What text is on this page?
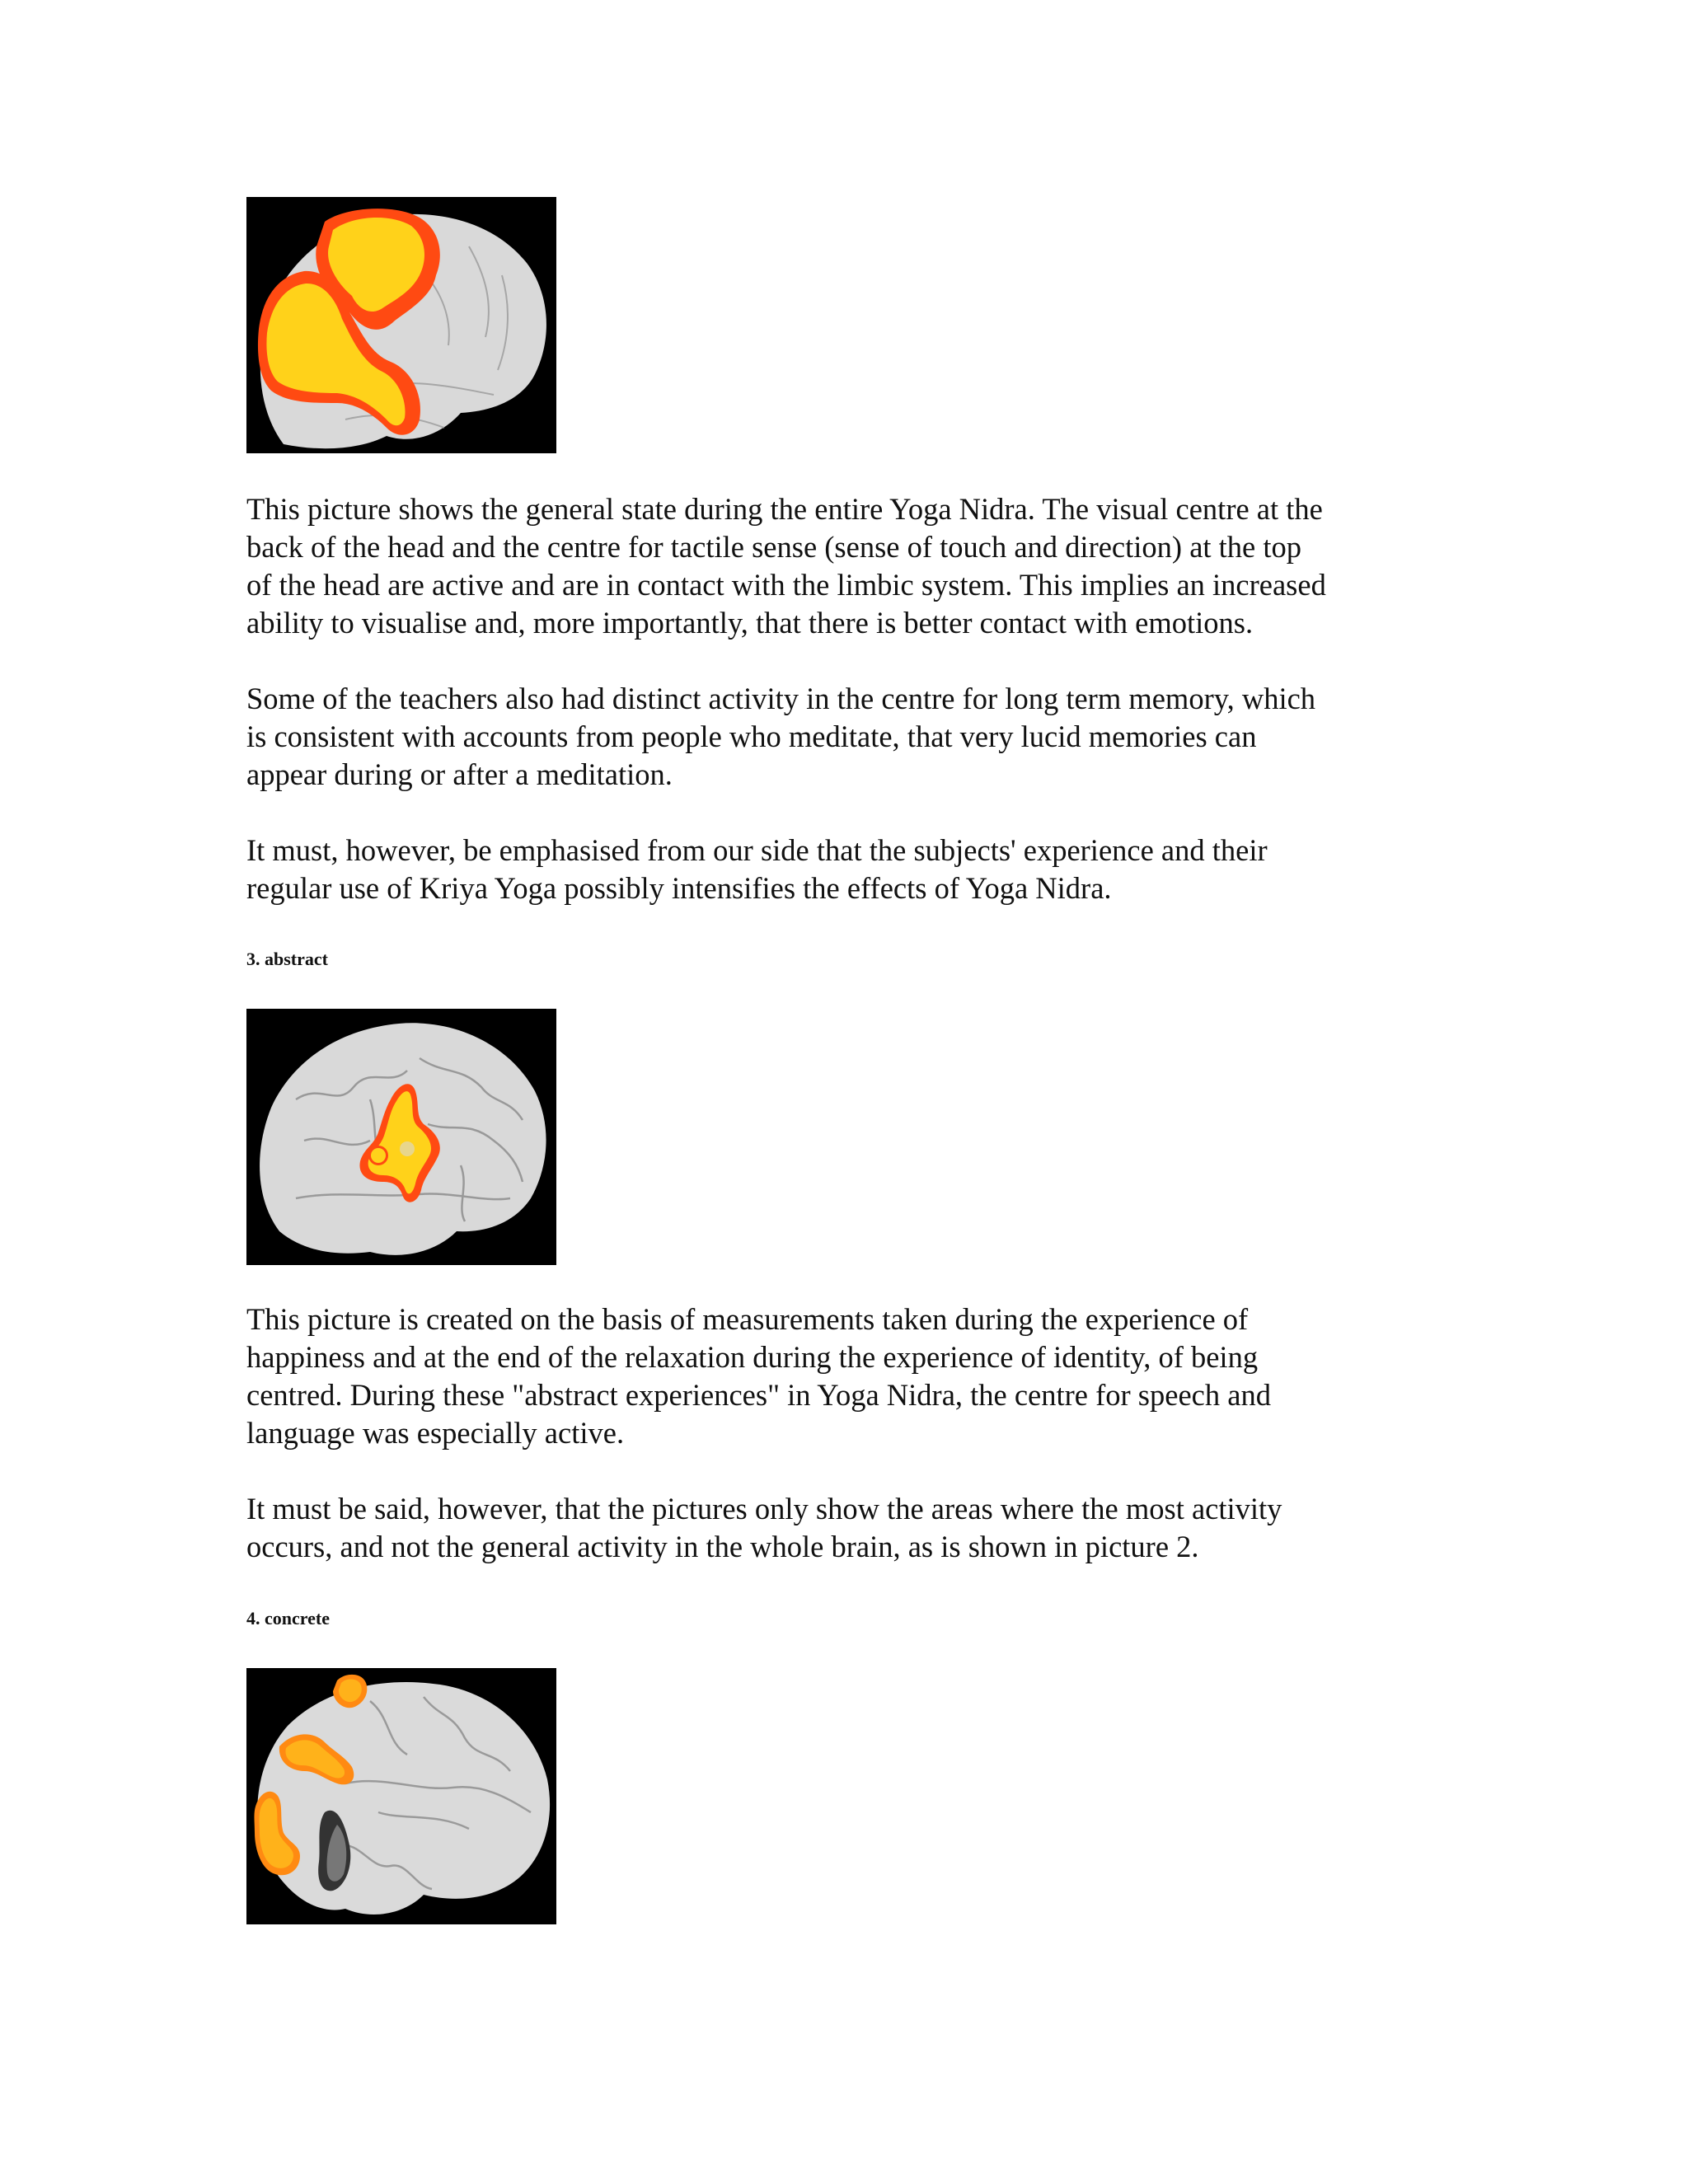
This picture shows the general state during the entire Yoga Nidra. The visual centre at the
back of the head and the centre for tactile sense (sense of touch and direction) at the top
of the head are active and are in contact with the limbic system. This implies an increased
ability to visualise and, more importantly, that there is better contact with emotions.

Some of the teachers also had distinct activity in the centre for long term memory, which
is consistent with accounts from people who meditate, that very lucid memories can
appear during or after a meditation.

It must, however, be emphasised from our side that the subjects' experience and their
regular use of Kriya Yoga possibly intensifies the effects of Yoga Nidra.

3. abstract

This picture is created on the basis of measurements taken during the experience of
happiness and at the end of the relaxation during the experience of identity, of being
centred. During these "abstract experiences" in Yoga Nidra, the centre for speech and
language was especially active.

It must be said, however, that the pictures only show the areas where the most activity
occurs, and not the general activity in the whole brain, as is shown in picture 2.

4. concrete
